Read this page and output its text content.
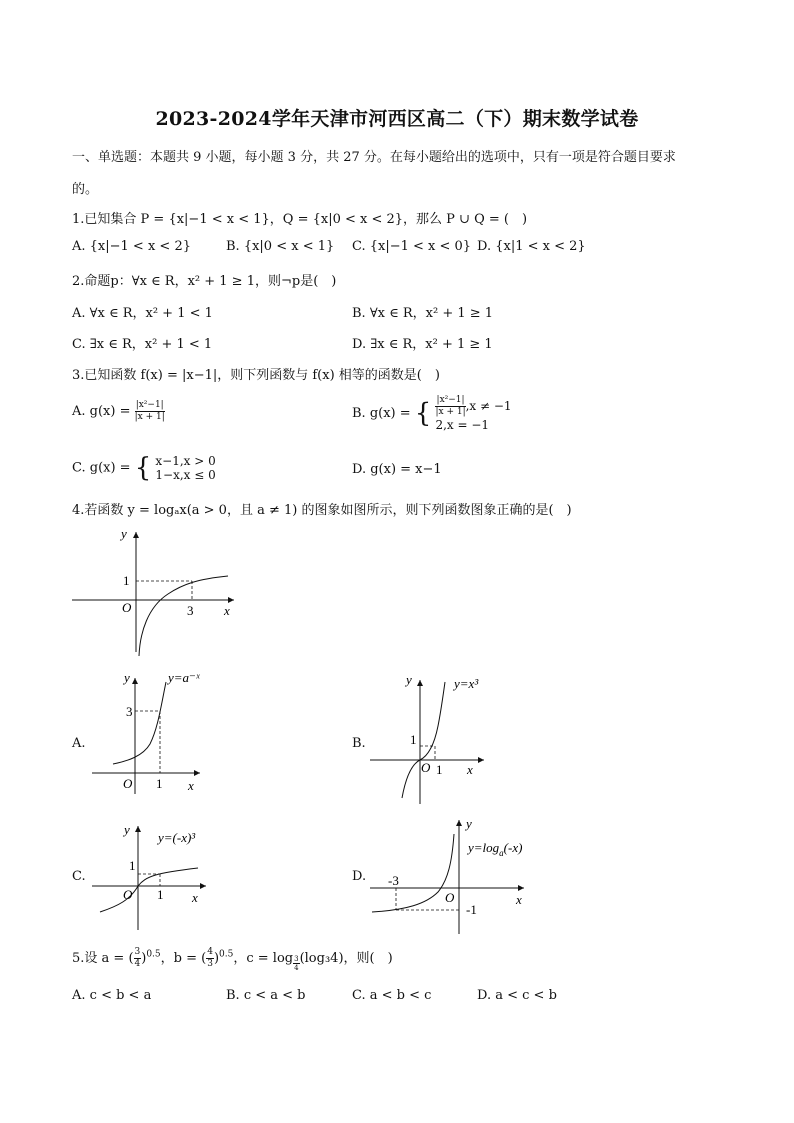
2023-2024学年天津市河西区高二（下）期末数学试卷
一、单选题：本题共 9 小题，每小题 3 分，共 27 分。在每小题给出的选项中，只有一项是符合题目要求
的。
1.已知集合 P = {x|−1 < x < 1}，Q = {x|0 < x < 2}，那么 P ∪ Q = (　)
A. {x|−1 < x < 2}	B. {x|0 < x < 1} C. {x|−1 < x < 0} D. {x|1 < x < 2}
2.命题p：∀x ∈ R，x² + 1 ≥ 1，则¬p是(　)
A. ∀x ∈ R，x² + 1 < 1	B. ∀x ∈ R，x² + 1 ≥ 1
C. ∃x ∈ R，x² + 1 < 1	D. ∃x ∈ R，x² + 1 ≥ 1
3.已知函数 f(x) = |x−1|，则下列函数与 f(x) 相等的函数是(　)
A. $g(x) = \frac{\text{|x²−1|}}{|x + 1|}$	B. g(x) = { $\frac{\text{|x²−1|}}{|x + 1|} ,x \ne -1$
2,x = −1
C. g(x) = { x−1,x > 0
1−x,x ≤ 0	D. g(x) = x−1
4.若函数 y = logₐx(a > 0，且 a ≠ 1) 的图象如图所示，则下列函数图象正确的是(　)
y
x
O
1
3
A.
y	y=a⁻ˣ
3
O 1 x
B.
y	y=x³
1
O 1 x
C.
y
y=(-x)³
1
O 1 x
D.
y
$y=\log_a(-x)$
-3
O
-1
x
5.设 a = ( $\frac{3}{4} )^{0.5}$，b = ( $\frac{4}{3} )^{0.5}$，c = log $_{\frac{3}{4}}$ (log₃4)，则(　)
A. c < b < a	B. c < a < b	C. a < b < c	D. a < c < b
